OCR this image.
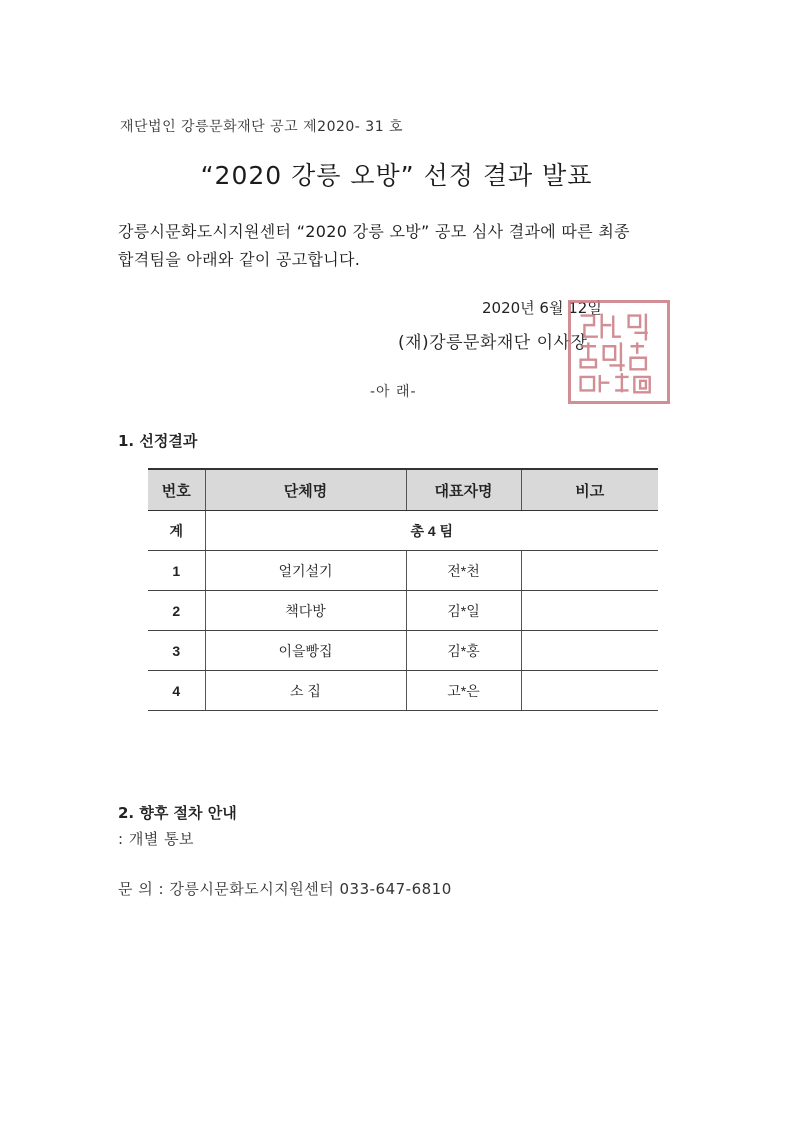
재단법인 강릉문화재단 공고 제2020- 31 호
“2020 강릉 오방” 선정 결과 발표
강릉시문화도시지원센터 “2020 강릉 오방” 공모 심사 결과에 따른 최종
합격팀을 아래와 같이 공고합니다.
2020년 6월 12일
(재)강릉문화재단 이사장
-아 래-
1. 선정결과
번호	단체명	대표자명	비고
계	총 4 팀		
1	얼기설기	전*천	
2	책다방	김*일	
3	이을빵집	김*홍	
4	소 집	고*은	
2. 향후 절차 안내
: 개별 통보
문 의 : 강릉시문화도시지원센터 033-647-6810
